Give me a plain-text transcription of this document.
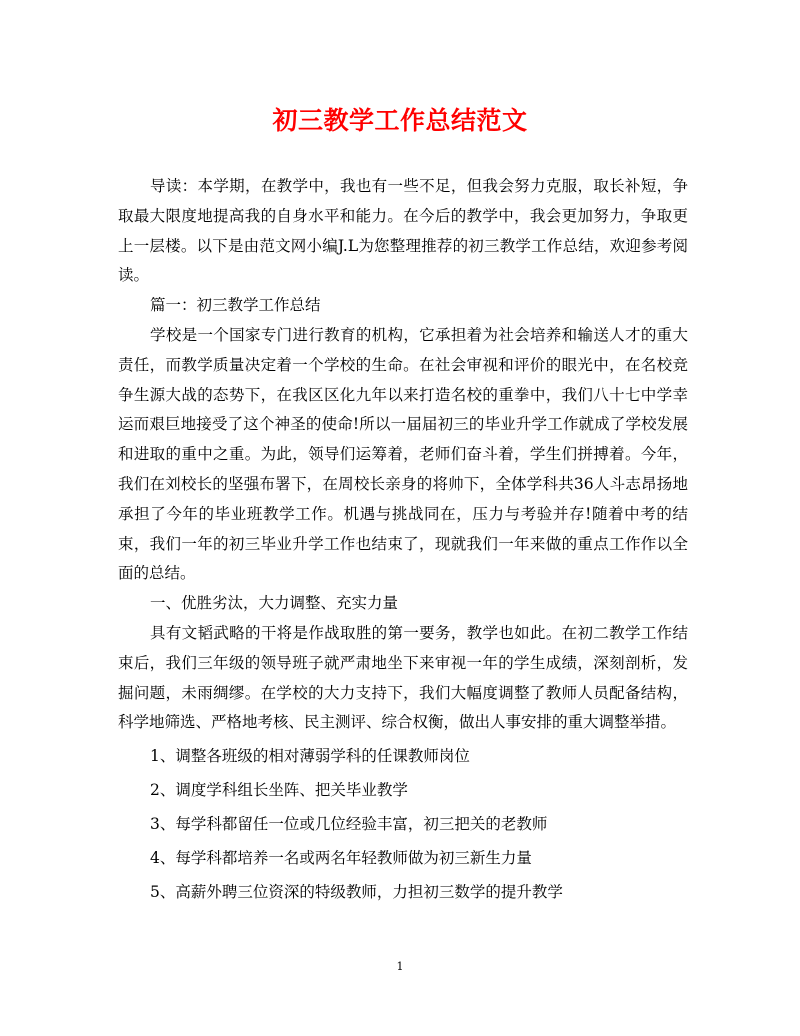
初三教学工作总结范文

导读：本学期，在教学中，我也有一些不足，但我会努力克服，取长补短，争取最大限度地提高我的自身水平和能力。在今后的教学中，我会更加努力，争取更上一层楼。以下是由范文网小编J.L为您整理推荐的初三教学工作总结，欢迎参考阅读。

篇一：初三教学工作总结

学校是一个国家专门进行教育的机构，它承担着为社会培养和输送人才的重大责任，而教学质量决定着一个学校的生命。在社会审视和评价的眼光中，在名校竞争生源大战的态势下，在我区区化九年以来打造名校的重拳中，我们八十七中学幸运而艰巨地接受了这个神圣的使命!所以一届届初三的毕业升学工作就成了学校发展和进取的重中之重。为此，领导们运筹着，老师们奋斗着，学生们拼搏着。今年，我们在刘校长的坚强布署下，在周校长亲身的将帅下，全体学科共36人斗志昂扬地承担了今年的毕业班教学工作。机遇与挑战同在，压力与考验并存!随着中考的结束，我们一年的初三毕业升学工作也结束了，现就我们一年来做的重点工作作以全面的总结。

一、优胜劣汰，大力调整、充实力量

具有文韬武略的干将是作战取胜的第一要务，教学也如此。在初二教学工作结束后，我们三年级的领导班子就严肃地坐下来审视一年的学生成绩，深刻剖析，发掘问题，未雨绸缪。在学校的大力支持下，我们大幅度调整了教师人员配备结构，科学地筛选、严格地考核、民主测评、综合权衡，做出人事安排的重大调整举措。

1、调整各班级的相对薄弱学科的任课教师岗位

2、调度学科组长坐阵、把关毕业教学

3、每学科都留任一位或几位经验丰富，初三把关的老教师

4、每学科都培养一名或两名年轻教师做为初三新生力量

5、高薪外聘三位资深的特级教师，力担初三数学的提升教学

1
